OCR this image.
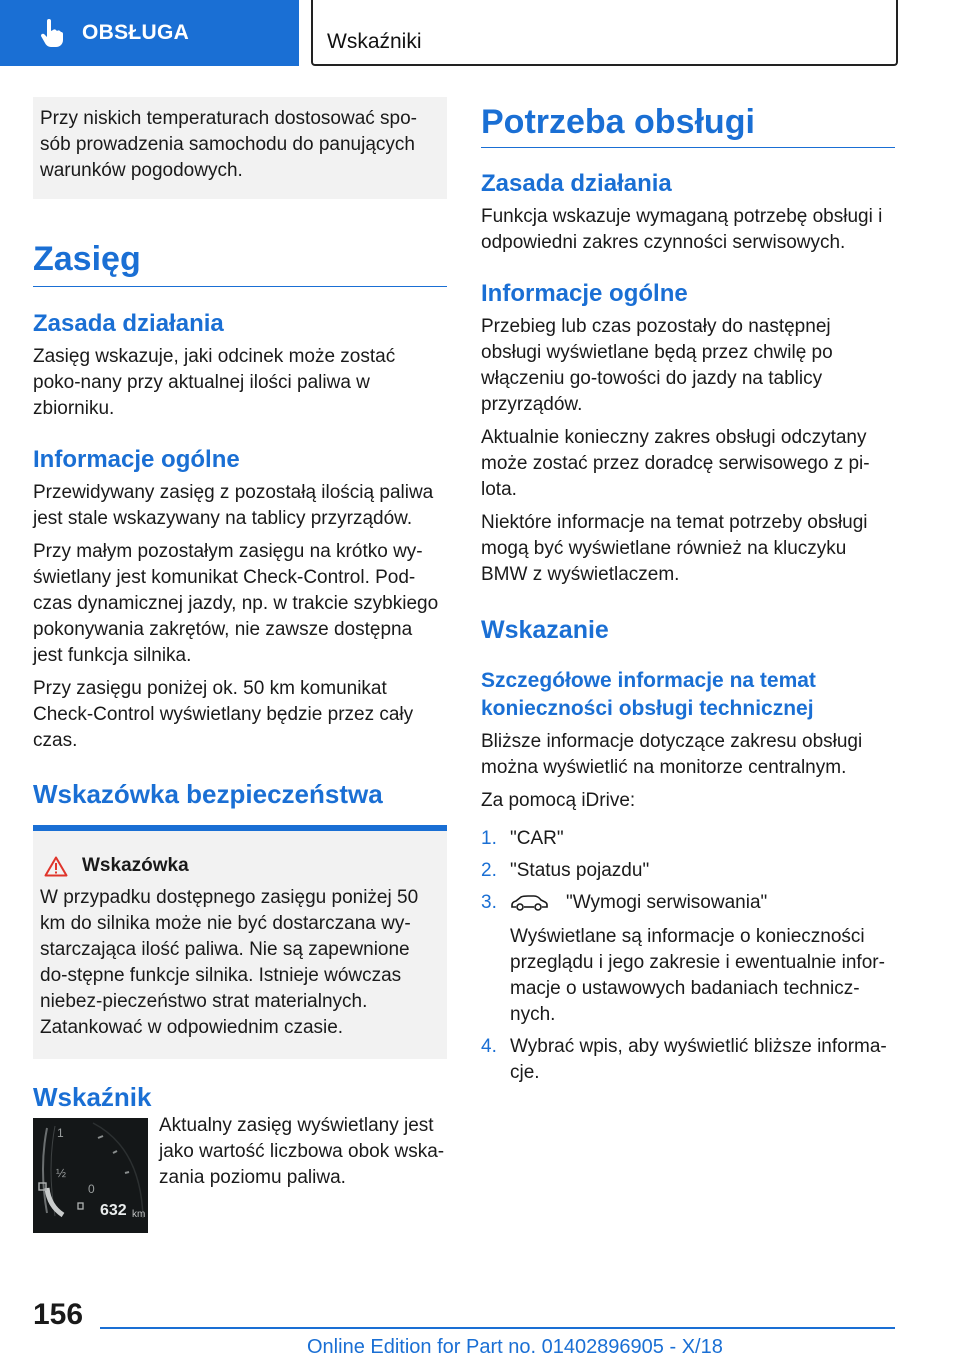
OBSŁUGA	Wskaźniki

Przy niskich temperaturach dostosować spo-sób prowadzenia samochodu do panujących warunków pogodowych.

Zasięg
Zasada działania

Zasięg wskazuje, jaki odcinek może zostać poko-nany przy aktualnej ilości paliwa w zbiorniku.

Informacje ogólne

Przewidywany zasięg z pozostałą ilością paliwa jest stale wskazywany na tablicy przyrządów.

Przy małym pozostałym zasięgu na krótko wy-świetlany jest komunikat Check-Control. Pod-czas dynamicznej jazdy, np. w trakcie szybkiego pokonywania zakrętów, nie zawsze dostępna jest funkcja silnika.

Przy zasięgu poniżej ok. 50 km komunikat Check-Control wyświetlany będzie przez cały czas.

Wskazówka bezpieczeństwa
Wskazówka

W przypadku dostępnego zasięgu poniżej 50 km do silnika może nie być dostarczana wy-starczająca ilość paliwa. Nie są zapewnione do-stępne funkcje silnika. Istnieje wówczas niebez-pieczeństwo strat materialnych. Zatankować w odpowiednim czasie.

Wskaźnik
1
½
0
632 km

Aktualny zasięg wyświetlany jest jako wartość liczbowa obok wska-zania poziomu paliwa.

Potrzeba obsługi
Zasada działania

Funkcja wskazuje wymaganą potrzebę obsługi i odpowiedni zakres czynności serwisowych.

Informacje ogólne

Przebieg lub czas pozostały do następnej obsługi wyświetlane będą przez chwilę po włączeniu go-towości do jazdy na tablicy przyrządów.

Aktualnie konieczny zakres obsługi odczytany może zostać przez doradcę serwisowego z pi-lota.

Niektóre informacje na temat potrzeby obsługi mogą być wyświetlane również na kluczyku BMW z wyświetlaczem.

Wskazanie
Szczegółowe informacje na temat konieczności obsługi technicznej

Bliższe informacje dotyczące zakresu obsługi można wyświetlić na monitorze centralnym.

Za pomocą iDrive:

1. "CAR"
2. "Status pojazdu"
3.	"Wymogi serwisowania"
Wyświetlane są informacje o konieczności przeglądu i jego zakresie i ewentualnie infor-macje o ustawowych badaniach technicz-nych.
4. Wybrać wpis, aby wyświetlić bliższe informa-cje.
156
Online Edition for Part no. 01402896905 - X/18
